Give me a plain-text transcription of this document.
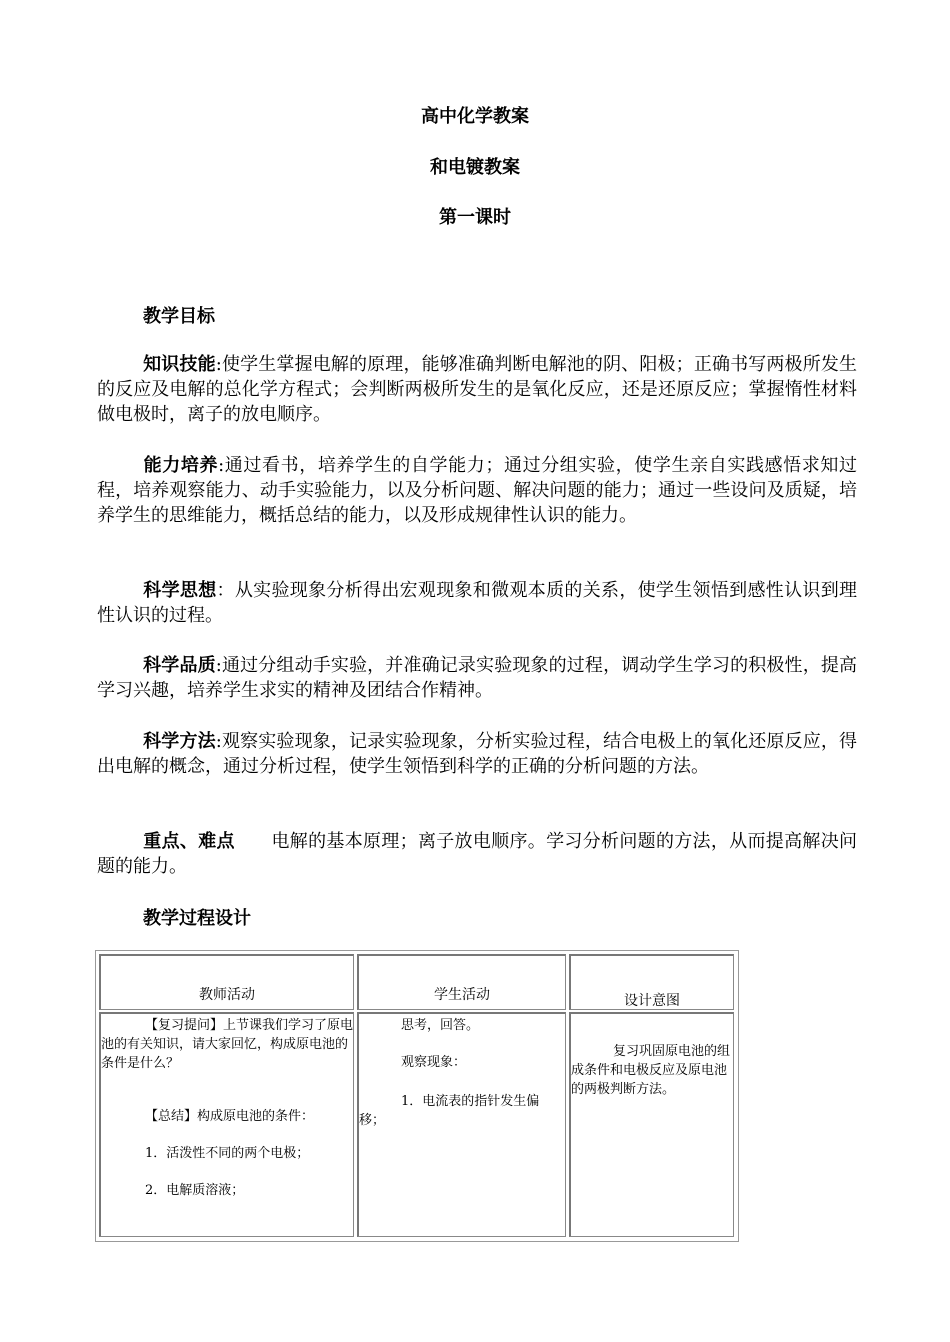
高中化学教案
和电镀教案
第一课时
教学目标
知识技能:使学生掌握电解的原理，能够准确判断电解池的阴、阳极；正确书写两极所发生的反应及电解的总化学方程式；会判断两极所发生的是氧化反应，还是还原反应；掌握惰性材料做电极时，离子的放电顺序。
能力培养:通过看书，培养学生的自学能力；通过分组实验，使学生亲自实践感悟求知过程，培养观察能力、动手实验能力，以及分析问题、解决问题的能力；通过一些设问及质疑，培养学生的思维能力，概括总结的能力，以及形成规律性认识的能力。
科学思想：从实验现象分析得出宏观现象和微观本质的关系，使学生领悟到感性认识到理性认识的过程。
科学品质:通过分组动手实验，并准确记录实验现象的过程，调动学生学习的积极性，提高学习兴趣，培养学生求实的精神及团结合作精神。
科学方法:观察实验现象，记录实验现象，分析实验过程，结合电极上的氧化还原反应，得出电解的概念，通过分析过程，使学生领悟到科学的正确的分析问题的方法。
重点、难点　　 电解的基本原理；离子放电顺序。学习分析问题的方法，从而提高解决问题的能力。
教学过程设计
教师活动	学生活动	设计意图

【复习提问】上节课我们学习了原电池的有关知识，请大家回忆，构成原电池的条件是什么？

【总结】构成原电池的条件：

1．活泼性不同的两个电极；

2．电解质溶液；

思考，回答。

观察现象：

1．电流表的指针发生偏移；

复习巩固原电池的组成条件和电极反应及原电池的两极判断方法。
